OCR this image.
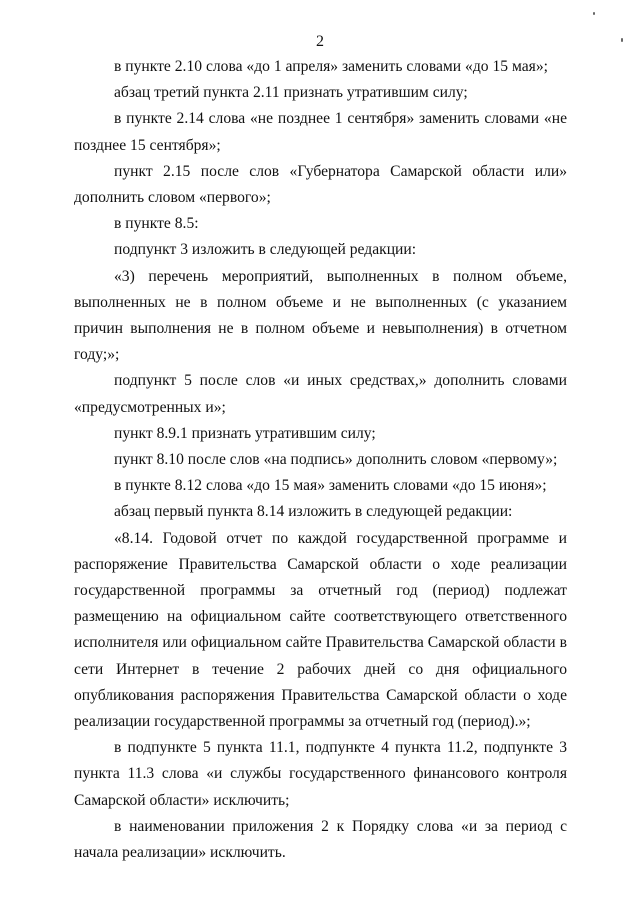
2

в пункте 2.10 слова «до 1 апреля» заменить словами «до 15 мая»;

абзац третий пункта 2.11 признать утратившим силу;

в пункте 2.14 слова «не позднее 1 сентября» заменить словами «не позднее 15 сентября»;

пункт 2.15 после слов «Губернатора Самарской области или» дополнить словом «первого»;

в пункте 8.5:

подпункт 3 изложить в следующей редакции:

«3) перечень мероприятий, выполненных в полном объеме, выполненных не в полном объеме и не выполненных (с указанием причин выполнения не в полном объеме и невыполнения) в отчетном году;»;

подпункт 5 после слов «и иных средствах,» дополнить словами «предусмотренных и»;

пункт 8.9.1 признать утратившим силу;

пункт 8.10 после слов «на подпись» дополнить словом «первому»;

в пункте 8.12 слова «до 15 мая» заменить словами «до 15 июня»;

абзац первый пункта 8.14 изложить в следующей редакции:

«8.14. Годовой отчет по каждой государственной программе и распоряжение Правительства Самарской области о ходе реализации государственной программы за отчетный год (период) подлежат размещению на официальном сайте соответствующего ответственного исполнителя или официальном сайте Правительства Самарской области в сети Интернет в течение 2 рабочих дней со дня официального опубликования распоряжения Правительства Самарской области о ходе реализации государственной программы за отчетный год (период).»;

в подпункте 5 пункта 11.1, подпункте 4 пункта 11.2, подпункте 3 пункта 11.3 слова «и службы государственного финансового контроля Самарской области» исключить;

в наименовании приложения 2 к Порядку слова «и за период с начала реализации» исключить.
